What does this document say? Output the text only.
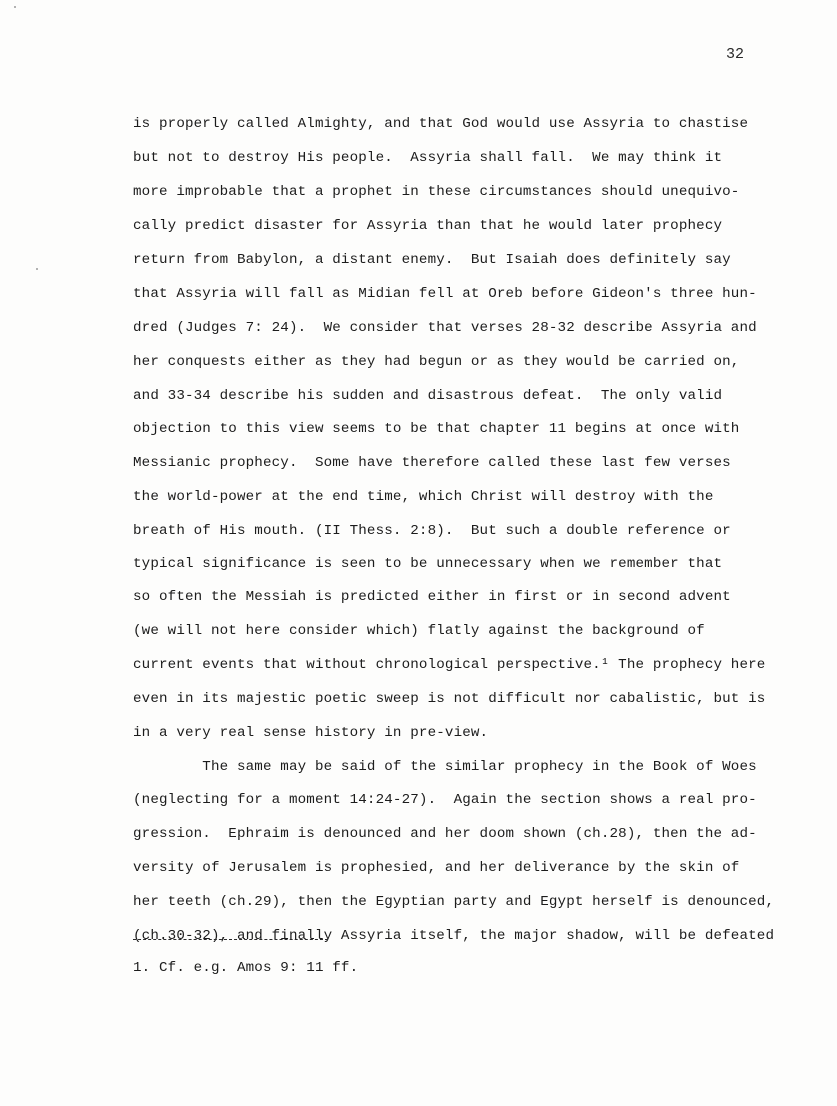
32
is properly called Almighty, and that God would use Assyria to chastise
but not to destroy His people.  Assyria shall fall.  We may think it
more improbable that a prophet in these circumstances should unequivo-
cally predict disaster for Assyria than that he would later prophecy
return from Babylon, a distant enemy.  But Isaiah does definitely say
that Assyria will fall as Midian fell at Oreb before Gideon's three hun-
dred (Judges 7: 24).  We consider that verses 28-32 describe Assyria and
her conquests either as they had begun or as they would be carried on,
and 33-34 describe his sudden and disastrous defeat.  The only valid
objection to this view seems to be that chapter 11 begins at once with
Messianic prophecy.  Some have therefore called these last few verses
the world-power at the end time, which Christ will destroy with the
breath of His mouth. (II Thess. 2:8).  But such a double reference or
typical significance is seen to be unnecessary when we remember that
so often the Messiah is predicted either in first or in second advent
(we will not here consider which) flatly against the background of
current events that without chronological perspective.¹ The prophecy here
even in its majestic poetic sweep is not difficult nor cabalistic, but is
in a very real sense history in pre-view.
The same may be said of the similar prophecy in the Book of Woes
(neglecting for a moment 14:24-27).  Again the section shows a real pro-
gression.  Ephraim is denounced and her doom shown (ch.28), then the ad-
versity of Jerusalem is prophesied, and her deliverance by the skin of
her teeth (ch.29), then the Egyptian party and Egypt herself is denounced,
(ch.30-32), and finally Assyria itself, the major shadow, will be defeated
1. Cf. e.g. Amos 9: 11 ff.
